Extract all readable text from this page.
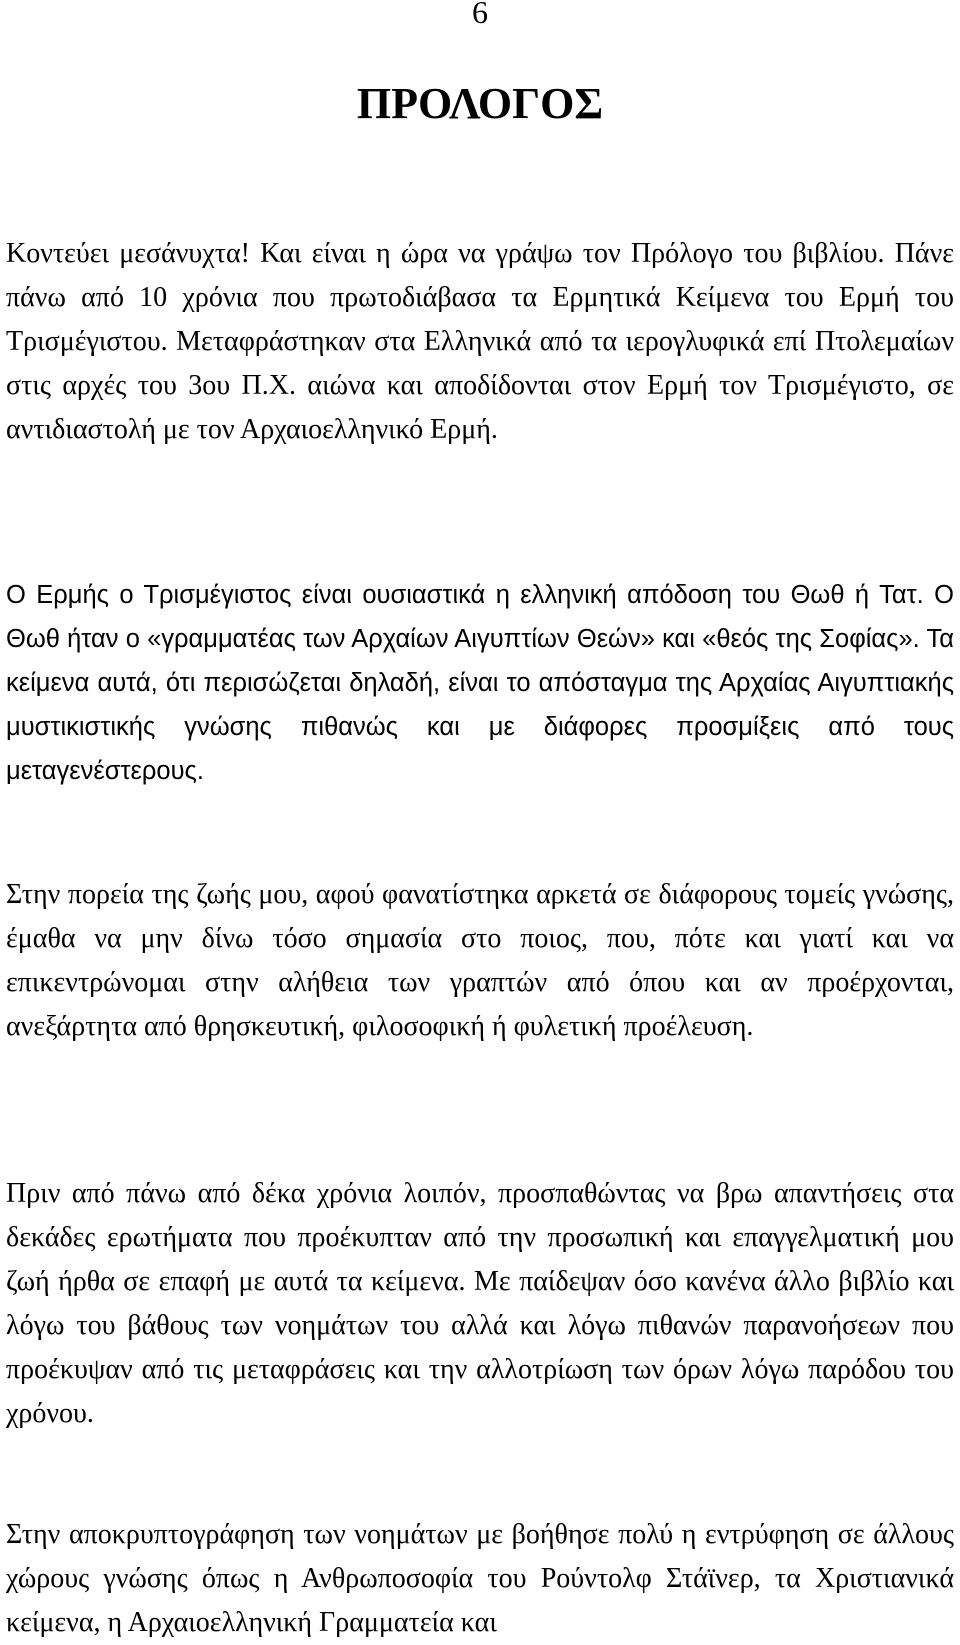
6
ΠΡΟΛΟΓΟΣ

Κοντεύει μεσάνυχτα! Και είναι η ώρα να γράψω τον Πρόλογο του βιβλίου. Πάνε πάνω από 10 χρόνια που πρωτοδιάβασα τα Ερμητικά Κείμενα του Ερμή του Τρισμέγιστου. Μεταφράστηκαν στα Ελληνικά από τα ιερογλυφικά επί Πτολεμαίων στις αρχές του 3ου Π.Χ. αιώνα και αποδίδονται στον Ερμή τον Τρισμέγιστο, σε αντιδιαστολή με τον Αρχαιοελληνικό Ερμή.

Ο Ερμής ο Τρισμέγιστος είναι ουσιαστικά η ελληνική απόδοση του Θωθ ή Τατ. Ο Θωθ ήταν ο «γραμματέας των Αρχαίων Αιγυπτίων Θεών» και «θεός της Σοφίας». Τα κείμενα αυτά, ότι περισώζεται δηλαδή, είναι το απόσταγμα της Αρχαίας Αιγυπτιακής μυστικιστικής γνώσης πιθανώς και με διάφορες προσμίξεις από τους μεταγενέστερους.

Στην πορεία της ζωής μου, αφού φανατίστηκα αρκετά σε διάφορους τομείς γνώσης, έμαθα να μην δίνω τόσο σημασία στο ποιος, που, πότε και γιατί και να επικεντρώνομαι στην αλήθεια των γραπτών από όπου και αν προέρχονται, ανεξάρτητα από θρησκευτική, φιλοσοφική ή φυλετική προέλευση.

Πριν από πάνω από δέκα χρόνια λοιπόν, προσπαθώντας να βρω απαντήσεις στα δεκάδες ερωτήματα που προέκυπταν από την προσωπική και επαγγελματική μου ζωή ήρθα σε επαφή με αυτά τα κείμενα. Με παίδεψαν όσο κανένα άλλο βιβλίο και λόγω του βάθους των νοημάτων του αλλά και λόγω πιθανών παρανοήσεων που προέκυψαν από τις μεταφράσεις και την αλλοτρίωση των όρων λόγω παρόδου του χρόνου.

Στην αποκρυπτογράφηση των νοημάτων με βοήθησε πολύ η εντρύφηση σε άλλους χώρους γνώσης όπως η Ανθρωποσοφία του Ρούντολφ Στάϊνερ, τα Χριστιανικά κείμενα, η Αρχαιοελληνική Γραμματεία και
